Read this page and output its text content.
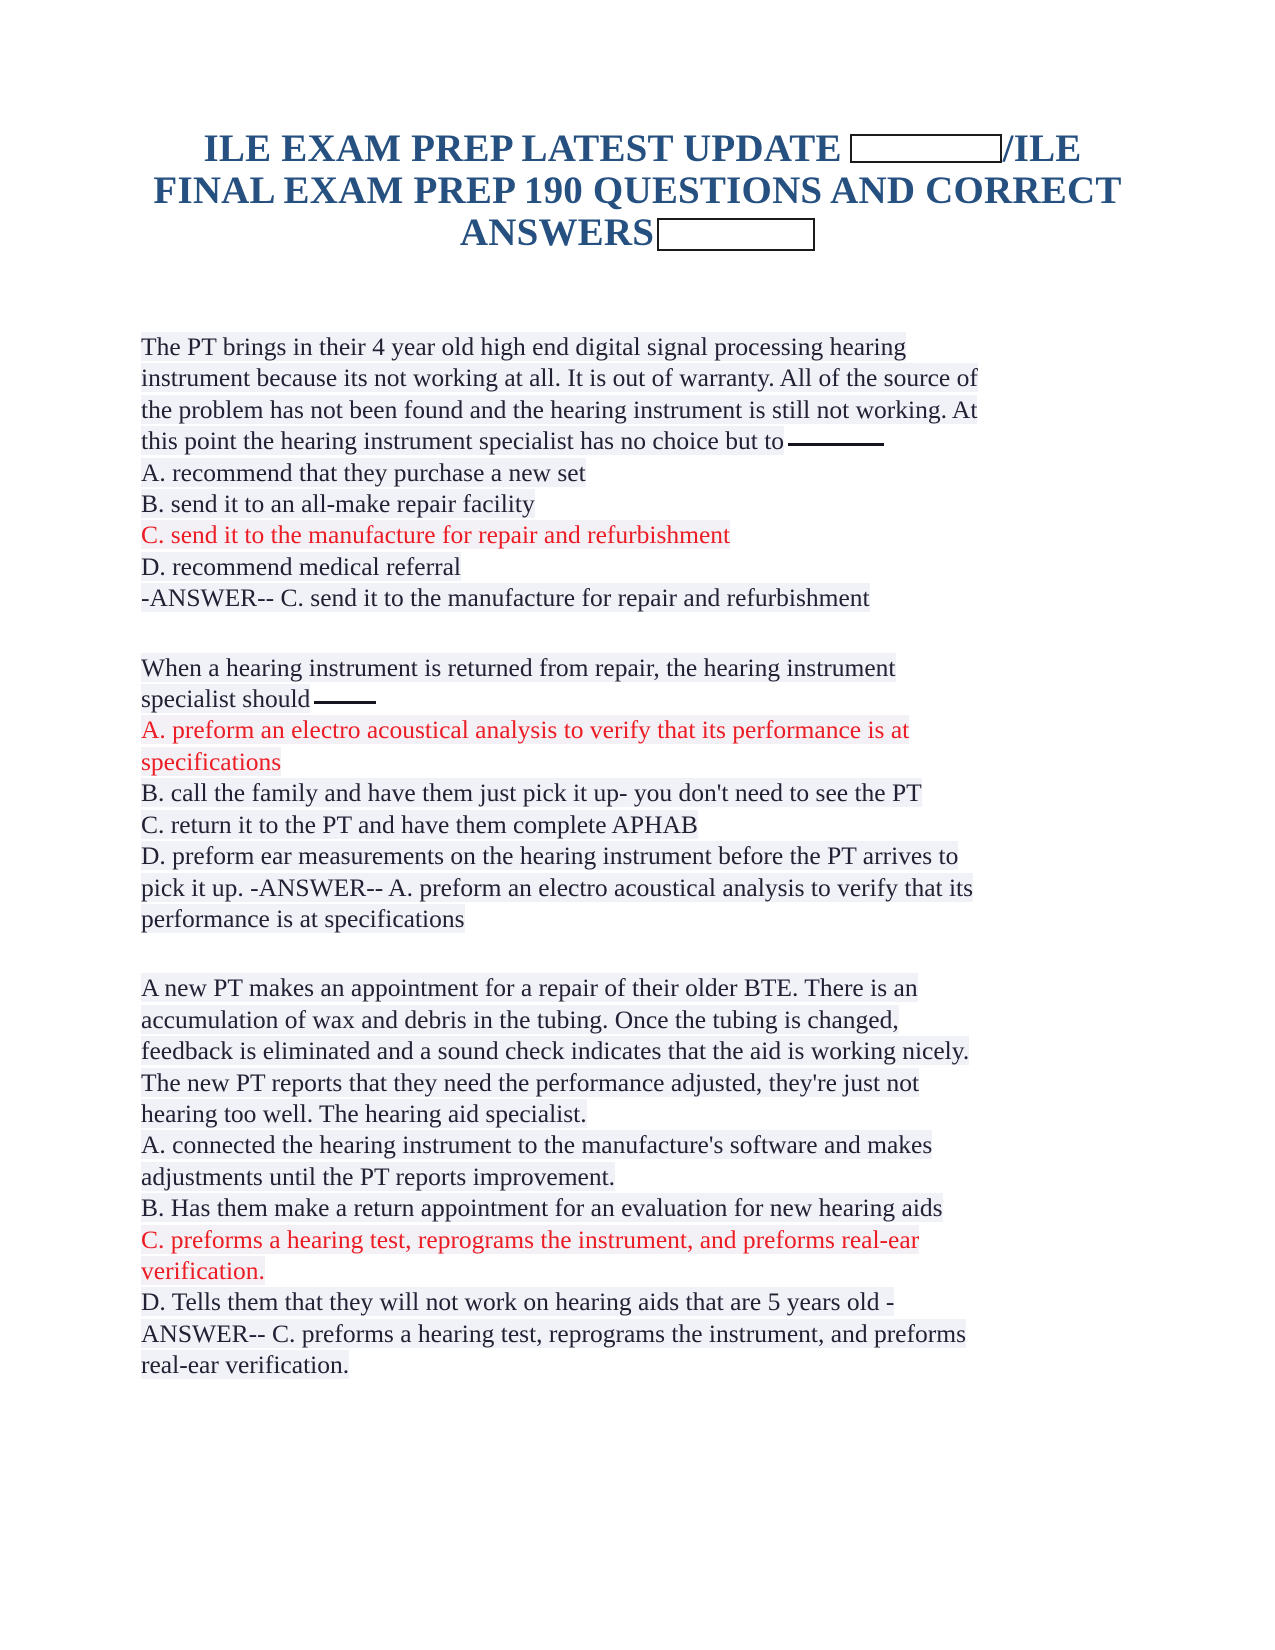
ILE EXAM PREP LATEST UPDATE	/ILE
FINAL EXAM PREP 190 QUESTIONS AND CORRECT
ANSWERS

The PT brings in their 4 year old high end digital signal processing hearing

instrument because its not working at all. It is out of warranty. All of the source of

the problem has not been found and the hearing instrument is still not working. At

this point the hearing instrument specialist has no choice but to

A. recommend that they purchase a new set

B. send it to an all-make repair facility

C. send it to the manufacture for repair and refurbishment

D. recommend medical referral

-ANSWER-- C. send it to the manufacture for repair and refurbishment

When a hearing instrument is returned from repair, the hearing instrument

specialist should

A. preform an electro acoustical analysis to verify that its performance is at

specifications

B. call the family and have them just pick it up- you don't need to see the PT

C. return it to the PT and have them complete APHAB

D. preform ear measurements on the hearing instrument before the PT arrives to

pick it up. -ANSWER-- A. preform an electro acoustical analysis to verify that its

performance is at specifications

A new PT makes an appointment for a repair of their older BTE. There is an

accumulation of wax and debris in the tubing. Once the tubing is changed,

feedback is eliminated and a sound check indicates that the aid is working nicely.

The new PT reports that they need the performance adjusted, they're just not

hearing too well. The hearing aid specialist.

A. connected the hearing instrument to the manufacture's software and makes

adjustments until the PT reports improvement.

B. Has them make a return appointment for an evaluation for new hearing aids

C. preforms a hearing test, reprograms the instrument, and preforms real-ear

verification.

D. Tells them that they will not work on hearing aids that are 5 years old -

ANSWER-- C. preforms a hearing test, reprograms the instrument, and preforms

real-ear verification.
